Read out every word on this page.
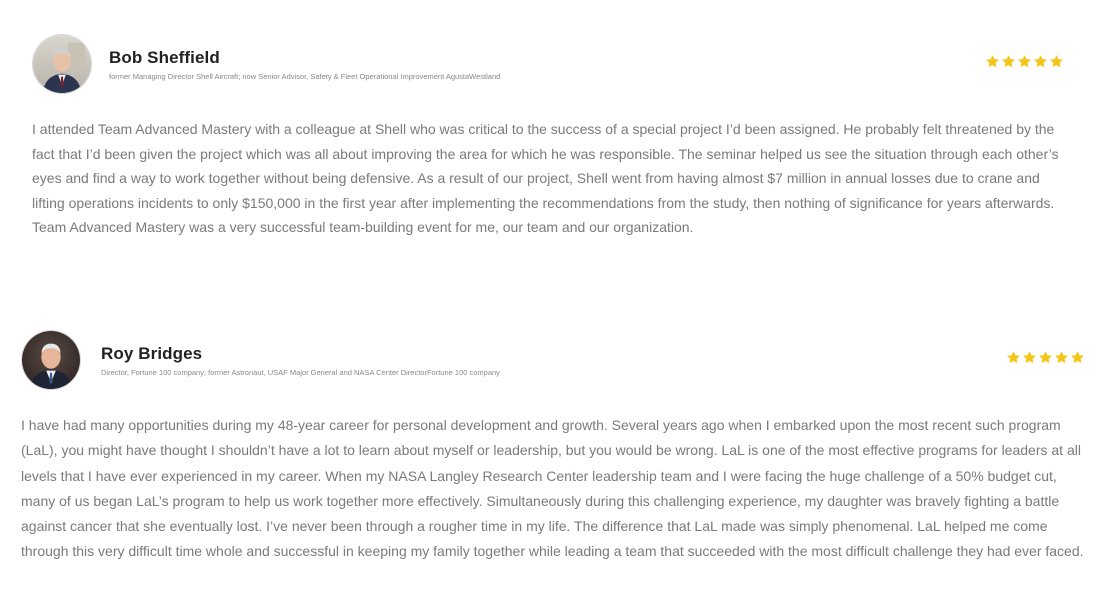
Bob Sheffield
former Managing Director Shell Aircraft; now Senior Advisor, Safety & Fleet Operational Improvement AgustaWestland
I attended Team Advanced Mastery with a colleague at Shell who was critical to the success of a special project I’d been assigned. He probably felt threatened by the fact that I’d been given the project which was all about improving the area for which he was responsible. The seminar helped us see the situation through each other’s eyes and find a way to work together without being defensive. As a result of our project, Shell went from having almost $7 million in annual losses due to crane and lifting operations incidents to only $150,000 in the first year after implementing the recommendations from the study, then nothing of significance for years afterwards. Team Advanced Mastery was a very successful team-building event for me, our team and our organization.
Roy Bridges
Director, Fortune 100 company; former Astronaut, USAF Major General and NASA Center DirectorFortune 100 company
I have had many opportunities during my 48-year career for personal development and growth. Several years ago when I embarked upon the most recent such program (LaL), you might have thought I shouldn’t have a lot to learn about myself or leadership, but you would be wrong. LaL is one of the most effective programs for leaders at all levels that I have ever experienced in my career. When my NASA Langley Research Center leadership team and I were facing the huge challenge of a 50% budget cut, many of us began LaL’s program to help us work together more effectively. Simultaneously during this challenging experience, my daughter was bravely fighting a battle against cancer that she eventually lost. I’ve never been through a rougher time in my life. The difference that LaL made was simply phenomenal. LaL helped me come through this very difficult time whole and successful in keeping my family together while leading a team that succeeded with the most difficult challenge they had ever faced.
